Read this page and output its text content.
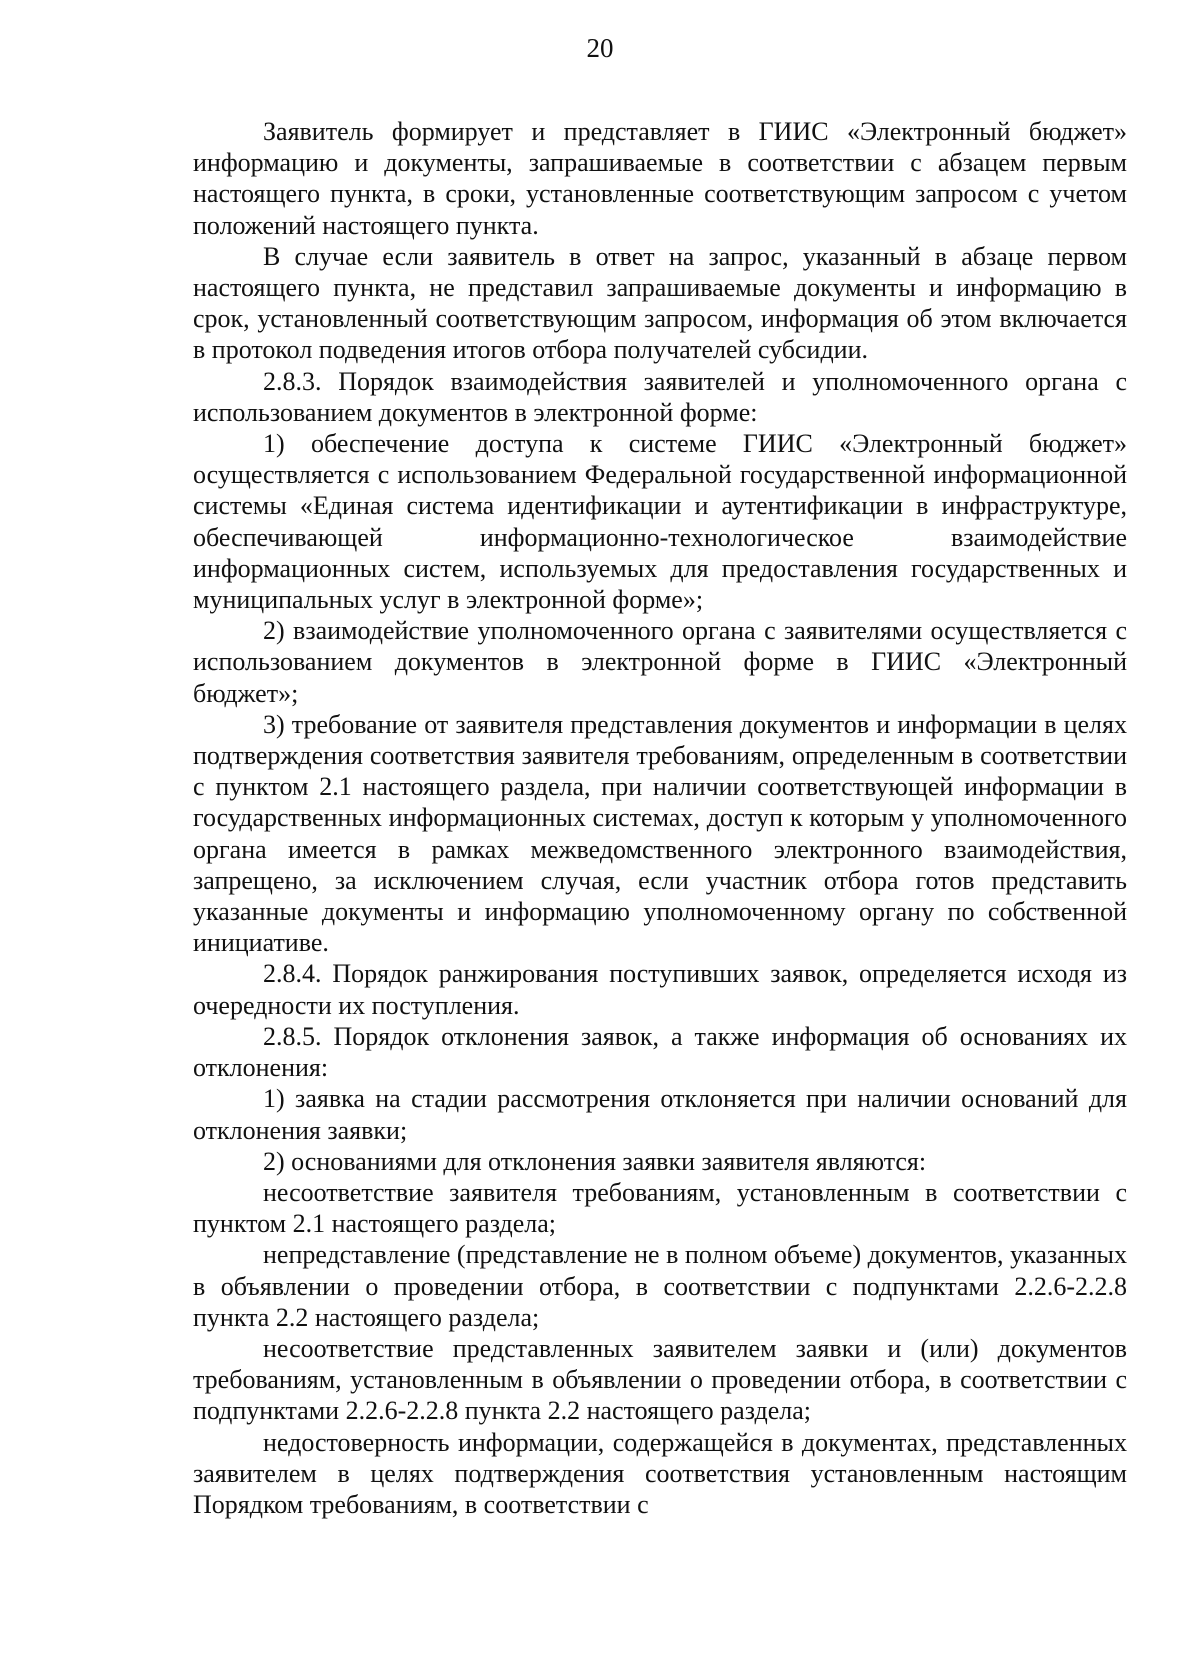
20

Заявитель формирует и представляет в ГИИС «Электронный бюджет» информацию и документы, запрашиваемые в соответствии с абзацем первым настоящего пункта, в сроки, установленные соответствующим запросом с учетом положений настоящего пункта.

В случае если заявитель в ответ на запрос, указанный в абзаце первом настоящего пункта, не представил запрашиваемые документы и информацию в срок, установленный соответствующим запросом, информация об этом включается в протокол подведения итогов отбора получателей субсидии.

2.8.3. Порядок взаимодействия заявителей и уполномоченного органа с использованием документов в электронной форме:

1) обеспечение доступа к системе ГИИС «Электронный бюджет» осуществляется с использованием Федеральной государственной информационной системы «Единая система идентификации и аутентификации в инфраструктуре, обеспечивающей информационно-технологическое взаимодействие информационных систем, используемых для предоставления государственных и муниципальных услуг в электронной форме»;

2) взаимодействие уполномоченного органа с заявителями осуществляется с использованием документов в электронной форме в ГИИС «Электронный бюджет»;

3) требование от заявителя представления документов и информации в целях подтверждения соответствия заявителя требованиям, определенным в соответствии с пунктом 2.1 настоящего раздела, при наличии соответствующей информации в государственных информационных системах, доступ к которым у уполномоченного органа имеется в рамках межведомственного электронного взаимодействия, запрещено, за исключением случая, если участник отбора готов представить указанные документы и информацию уполномоченному органу по собственной инициативе.

2.8.4. Порядок ранжирования поступивших заявок, определяется исходя из очередности их поступления.

2.8.5. Порядок отклонения заявок, а также информация об основаниях их отклонения:

1) заявка на стадии рассмотрения отклоняется при наличии оснований для отклонения заявки;

2) основаниями для отклонения заявки заявителя являются:

несоответствие заявителя требованиям, установленным в соответствии с пунктом 2.1 настоящего раздела;

непредставление (представление не в полном объеме) документов, указанных в объявлении о проведении отбора, в соответствии с подпунктами 2.2.6-2.2.8 пункта 2.2 настоящего раздела;

несоответствие представленных заявителем заявки и (или) документов требованиям, установленным в объявлении о проведении отбора, в соответствии с подпунктами 2.2.6-2.2.8 пункта 2.2 настоящего раздела;

недостоверность информации, содержащейся в документах, представленных заявителем в целях подтверждения соответствия установленным настоящим Порядком требованиям, в соответствии с
